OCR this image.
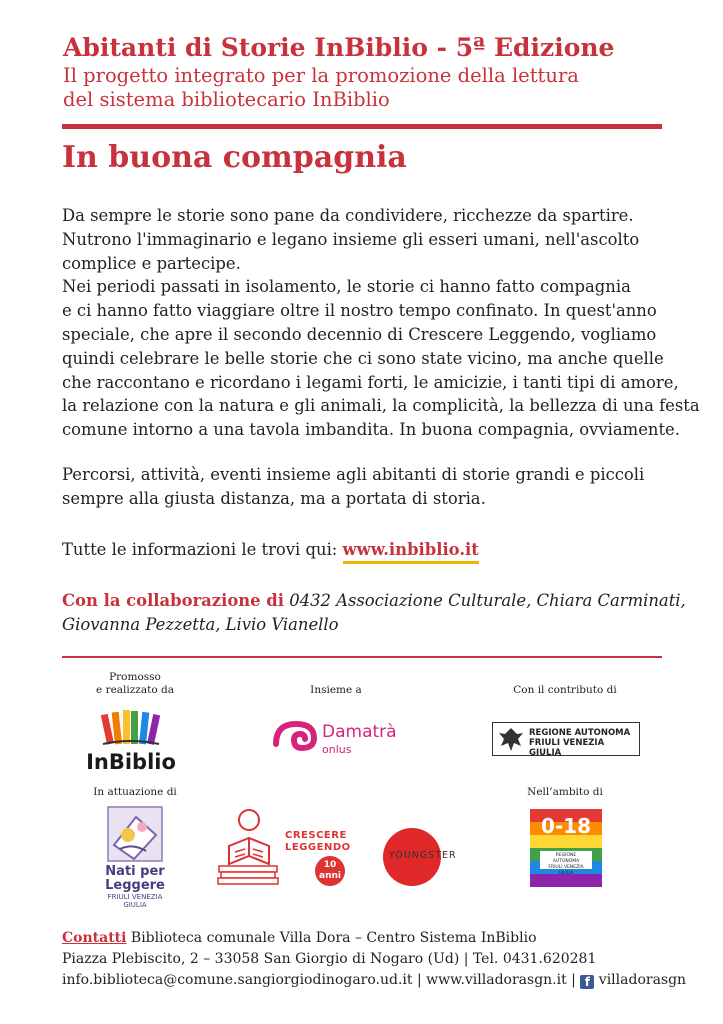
Abitanti di Storie InBiblio - 5ª Edizione
Il progetto integrato per la promozione della lettura
del sistema bibliotecario InBiblio
In buona compagnia

Da sempre le storie sono pane da condividere, ricchezze da spartire.

Nutrono l'immaginario e legano insieme gli esseri umani, nell'ascolto

complice e partecipe.

Nei periodi passati in isolamento, le storie ci hanno fatto compagnia

e ci hanno fatto viaggiare oltre il nostro tempo confinato. In quest'anno

speciale, che apre il secondo decennio di Crescere Leggendo, vogliamo

quindi celebrare le belle storie che ci sono state vicino, ma anche quelle

che raccontano e ricordano i legami forti, le amicizie, i tanti tipi di amore,

la relazione con la natura e gli animali, la complicità, la bellezza di una festa

comune intorno a una tavola imbandita. In buona compagnia, ovviamente.

Percorsi, attività, eventi insieme agli abitanti di storie grandi e piccoli

sempre alla giusta distanza, ma a portata di storia.

Tutte le informazioni le trovi qui: www.inbiblio.it
Con la collaborazione di 0432 Associazione Culturale, Chiara Carminati,
Giovanna Pezzetta, Livio Vianello
Promosso
e realizzato da	Insieme a	Con il contributo di
In attuazione di	Nell’ambito di
InBiblio
Damatrà
onlus
REGIONE AUTONOMA
FRIULI VENEZIA GIULIA
Nati per
Leggere
FRIULI VENEZIA
GIULIA
CRESCERE
LEGGENDO
10
anni
YOUNGSTER
0-18
REGIONE AUTONOMA
FRIULI VENEZIA GIULIA
Contatti Biblioteca comunale Villa Dora – Centro Sistema InBiblio
Piazza Plebiscito, 2 – 33058 San Giorgio di Nogaro (Ud) | Tel. 0431.620281
info.biblioteca@comune.sangiorgiodinogaro.ud.it | www.villadorasgn.it | f villadorasgn
